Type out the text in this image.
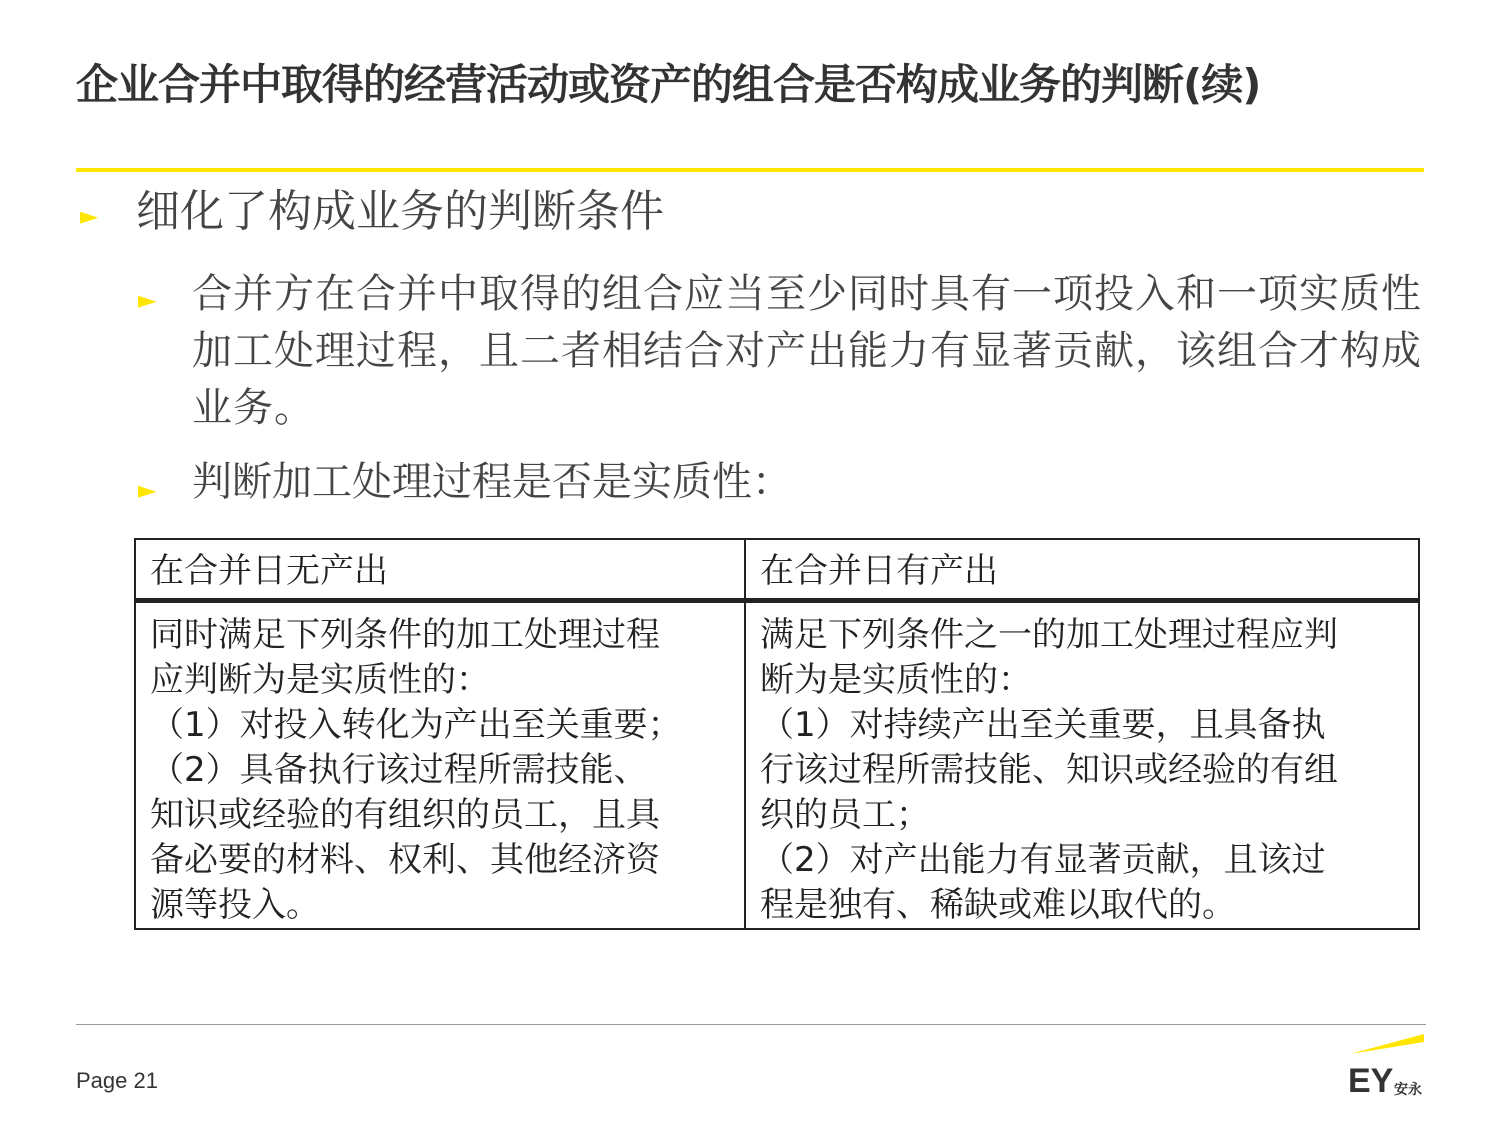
企业合并中取得的经营活动或资产的组合是否构成业务的判断(续)
► 细化了构成业务的判断条件
► 合并方在合并中取得的组合应当至少同时具有一项投入和一项实质性加工处理过程，且二者相结合对产出能力有显著贡献，该组合才构成业务。
► 判断加工处理过程是否是实质性：
在合并日无产出	在合并日有产出
同时满足下列条件的加工处理过程
应判断为是实质性的：
（1）对投入转化为产出至关重要；
（2）具备执行该过程所需技能、
知识或经验的有组织的员工，且具
备必要的材料、权利、其他经济资
源等投入。
满足下列条件之一的加工处理过程应判
断为是实质性的：
（1）对持续产出至关重要，且具备执
行该过程所需技能、知识或经验的有组
织的员工；
（2）对产出能力有显著贡献，且该过
程是独有、稀缺或难以取代的。
Page 21	EY 安永
